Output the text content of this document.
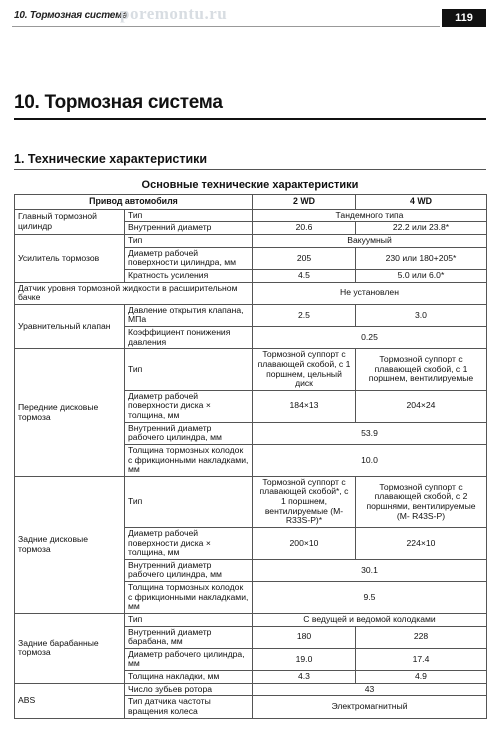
10. Тормозная система
poremontu.ru	119
10. Тормозная система
1. Технические характеристики
Основные технические характеристики
Привод автомобиля		2 WD	4 WD
Главный тормозной цилиндр	Тип	Тандемного типа	
	Внутренний диаметр	20.6	22.2 или 23.8*
Усилитель тормозов	Тип	Вакуумный	
	Диаметр рабочей поверхности цилиндра, мм	205	230 или 180+205*
	Кратность усиления	4.5	5.0 или 6.0*
Датчик уровня тормозной жидкости в расширительном бачке		Не установлен	
Уравнительный клапан	Давление открытия клапана, МПа	2.5	3.0
	Коэффициент понижения давления	0.25	
Передние дисковые тормоза	Тип	Тормозной суппорт с плавающей скобой, с 1 поршнем, цельный диск	Тормозной суппорт с плавающей скобой, с 1 поршнем, вентилируемые
	Диаметр рабочей поверхности диска × толщина, мм	184×13	204×24
	Внутренний диаметр рабочего цилиндра, мм	53.9	
	Толщина тормозных колодок с фрикционными накладками, мм	10.0	
Задние дисковые тормоза	Тип	Тормозной суппорт с плавающей скобой*, с 1 поршнем, вентилируемые (M- R33S-P)*	Тормозной суппорт с плавающей скобой, с 2 поршнями, вентилируемые (M- R43S-P)
	Диаметр рабочей поверхности диска × толщина, мм	200×10	224×10
	Внутренний диаметр рабочего цилиндра, мм	30.1	
	Толщина тормозных колодок с фрикционными накладками, мм	9.5	
Задние барабанные тормоза	Тип	С ведущей и ведомой колодками	
	Внутренний диаметр барабана, мм	180	228
	Диаметр рабочего цилиндра, мм	19.0	17.4
	Толщина накладки, мм	4.3	4.9
ABS	Число зубьев ротора	43	
	Тип датчика частоты вращения колеса	Электромагнитный	
